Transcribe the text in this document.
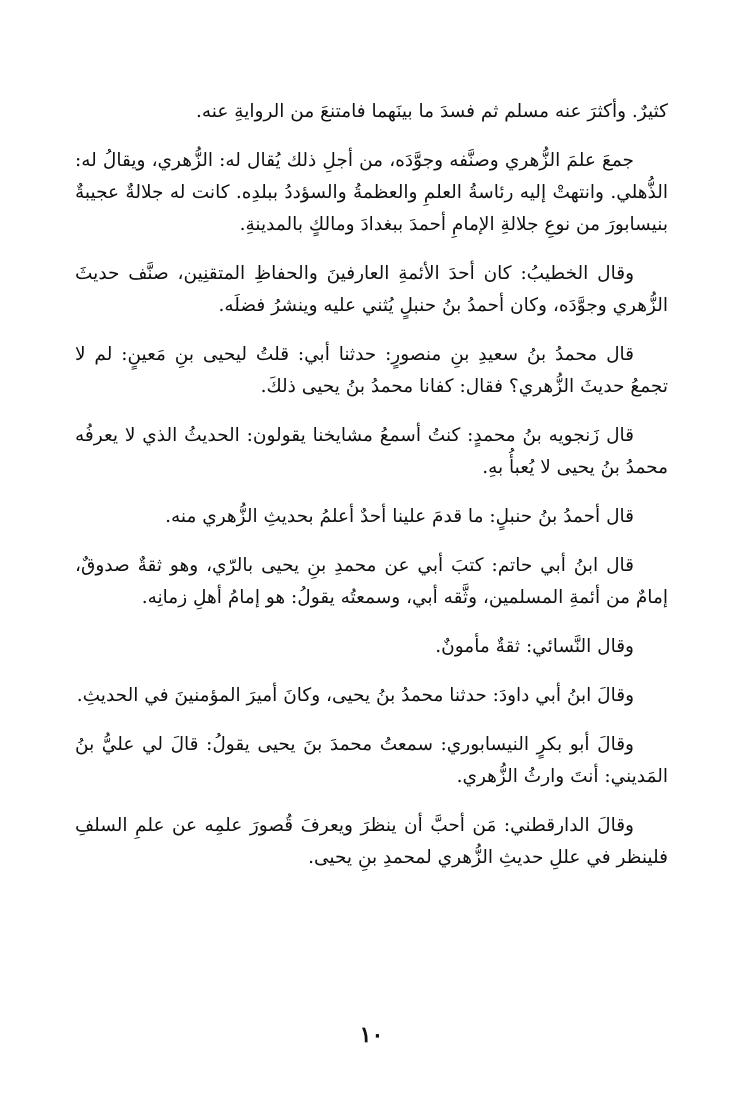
كثيرٌ. وأكثرَ عنه مسلم ثم فسدَ ما بينَهما فامتنعَ من الروايةِ عنه.

جمعَ علمَ الزُّهري وصنَّفه وجوَّدَه، من أجلِ ذلك يُقال له: الزُّهري، ويقالُ له: الذُّهلي. وانتهتْ إليه رئاسةُ العلمِ والعظمةُ والسؤددُ ببلدِه. كانت له جلالةٌ عجيبةٌ بنيسابورَ من نوعِ جلالةِ الإمامِ أحمدَ ببغدادَ ومالكٍ بالمدينةِ.

وقال الخطيبُ: كان أحدَ الأئمةِ العارفينَ والحفاظِ المتقنِين، صنَّف حديثَ الزُّهري وجوَّدَه، وكان أحمدُ بنُ حنبلٍ يُثني عليه وينشرُ فضلَه.

قال محمدُ بنُ سعيدِ بنِ منصورٍ: حدثنا أبي: قلتُ ليحيى بنِ مَعينٍ: لم لا تجمعُ حديثَ الزُّهري؟ فقال: كفانا محمدُ بنُ يحيى ذلكَ.

قال زَنجويه بنُ محمدٍ: كنتُ أسمعُ مشايخنا يقولون: الحديثُ الذي لا يعرفُه محمدُ بنُ يحيى لا يُعبأُ بهِ.

قال أحمدُ بنُ حنبلٍ: ما قدمَ علينا أحدٌ أعلمُ بحديثِ الزُّهري منه.

قال ابنُ أبي حاتم: كتبَ أبي عن محمدِ بنِ يحيى بالرّي، وهو ثقةٌ صدوقٌ، إمامٌ من أئمةِ المسلمين، وثَّقه أبي، وسمعتُه يقولُ: هو إمامُ أهلِ زمانِه.

وقال النَّسائي: ثقةٌ مأمونٌ.

وقالَ ابنُ أبي داودَ: حدثنا محمدُ بنُ يحيى، وكانَ أميرَ المؤمنينَ في الحديثِ.

وقالَ أبو بكرٍ النيسابوري: سمعتُ محمدَ بنَ يحيى يقولُ: قالَ لي عليُّ بنُ المَديني: أنتَ وارثُ الزُّهري.

وقالَ الدارقطني: مَن أحبَّ أن ينظرَ ويعرفَ قُصورَ علمِه عن علمِ السلفِ فلينظر في عللِ حديثِ الزُّهري لمحمدِ بنِ يحيى.

١٠
